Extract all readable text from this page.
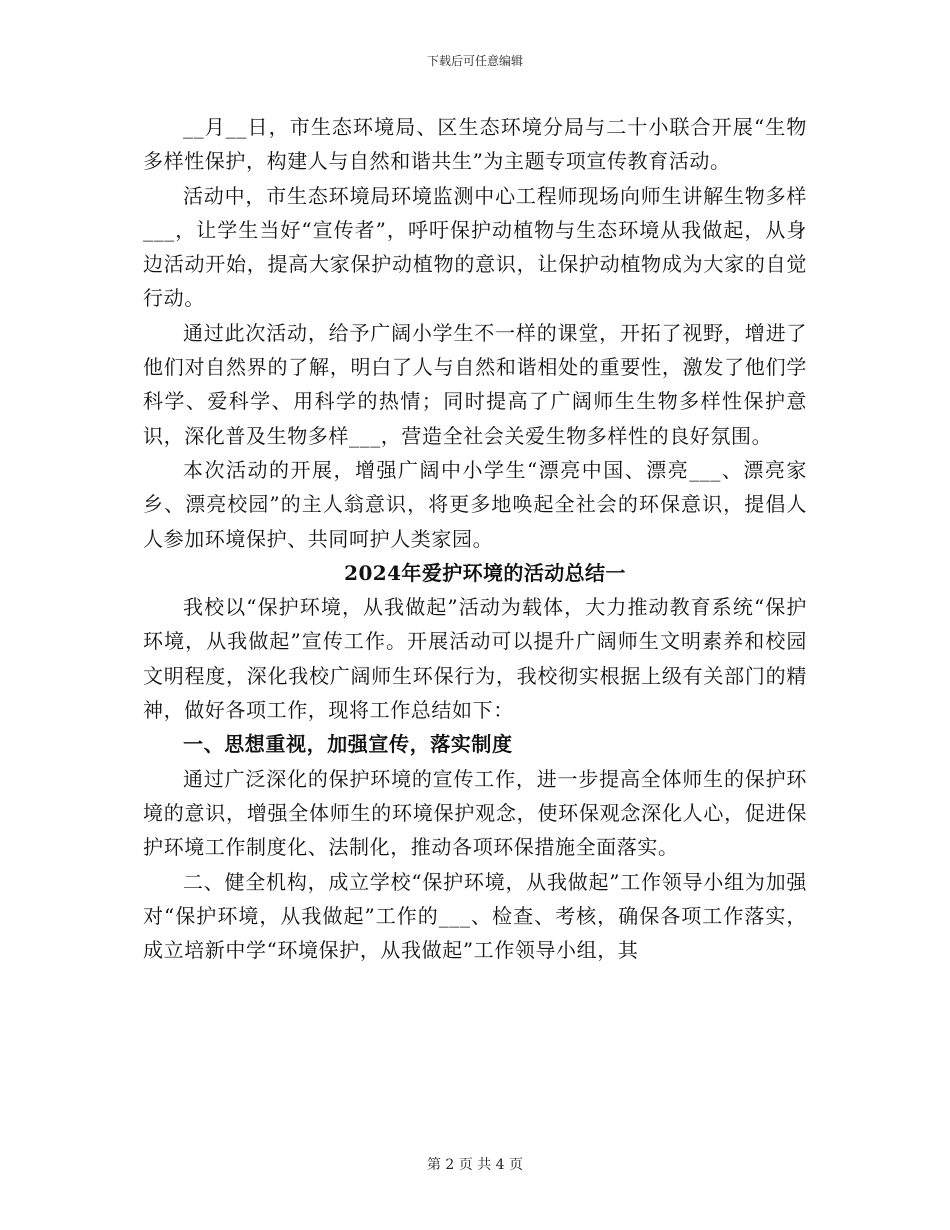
下载后可任意编辑

__月__日，市生态环境局、区生态环境分局与二十小联合开展“生物多样性保护，构建人与自然和谐共生”为主题专项宣传教育活动。

活动中，市生态环境局环境监测中心工程师现场向师生讲解生物多样___，让学生当好“宣传者”，呼吁保护动植物与生态环境从我做起，从身边活动开始，提高大家保护动植物的意识，让保护动植物成为大家的自觉行动。

通过此次活动，给予广阔小学生不一样的课堂，开拓了视野，增进了他们对自然界的了解，明白了人与自然和谐相处的重要性，激发了他们学科学、爱科学、用科学的热情；同时提高了广阔师生生物多样性保护意识，深化普及生物多样___，营造全社会关爱生物多样性的良好氛围。

本次活动的开展，增强广阔中小学生“漂亮中国、漂亮___、漂亮家乡、漂亮校园”的主人翁意识，将更多地唤起全社会的环保意识，提倡人人参加环境保护、共同呵护人类家园。

2024年爱护环境的活动总结一

我校以“保护环境，从我做起”活动为载体，大力推动教育系统“保护环境，从我做起”宣传工作。开展活动可以提升广阔师生文明素养和校园文明程度，深化我校广阔师生环保行为，我校彻实根据上级有关部门的精神，做好各项工作，现将工作总结如下：

一、思想重视，加强宣传，落实制度

通过广泛深化的保护环境的宣传工作，进一步提高全体师生的保护环境的意识，增强全体师生的环境保护观念，使环保观念深化人心，促进保护环境工作制度化、法制化，推动各项环保措施全面落实。

二、健全机构，成立学校“保护环境，从我做起”工作领导小组为加强对“保护环境，从我做起”工作的___、检查、考核，确保各项工作落实，成立培新中学“环境保护，从我做起”工作领导小组，其

第 2 页 共 4 页
